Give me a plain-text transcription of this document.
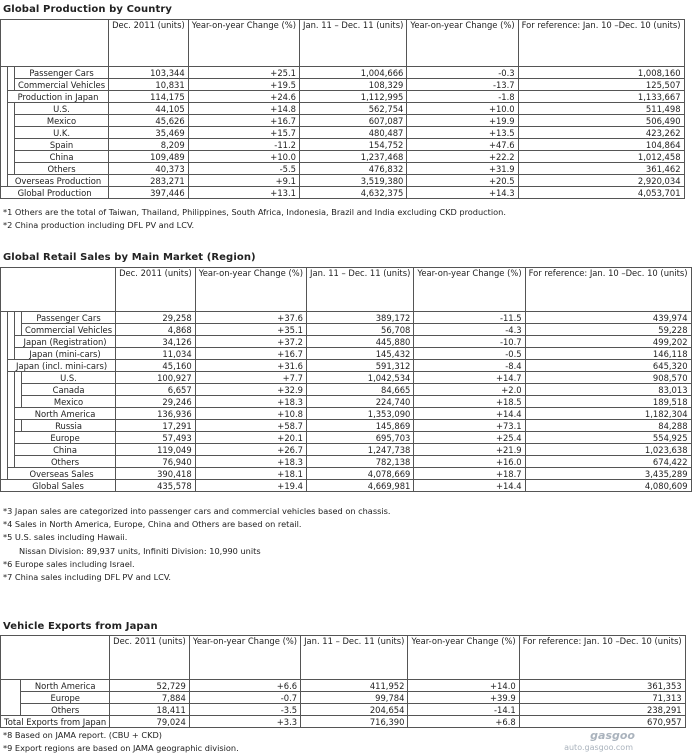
Global Production by Country
			Dec. 2011 (units)	Year-on-year Change (%)	Jan. 11 – Dec. 11 (units)	Year-on-year Change (%)	For reference: Jan. 10 –Dec. 10 (units)
		Passenger Cars	103,344	+25.1	1,004,666	-0.3	1,008,160
		Commercial Vehicles	10,831	+19.5	108,329	-13.7	125,507
	Production in Japan		114,175	+24.6	1,112,995	-1.8	1,133,667
		U.S.	44,105	+14.8	562,754	+10.0	511,498
		Mexico	45,626	+16.7	607,087	+19.9	506,490
		U.K.	35,469	+15.7	480,487	+13.5	423,262
		Spain	8,209	-11.2	154,752	+47.6	104,864
		China	109,489	+10.0	1,237,468	+22.2	1,012,458
		Others	40,373	-5.5	476,832	+31.9	361,462
	Overseas Production		283,271	+9.1	3,519,380	+20.5	2,920,034
Global Production			397,446	+13.1	4,632,375	+14.3	4,053,701
*1 Others are the total of Taiwan, Thailand, Philippines, South Africa, Indonesia, Brazil and India excluding CKD production.
*2 China production including DFL PV and LCV.
Global Retail Sales by Main Market (Region)
				Dec. 2011 (units)	Year-on-year Change (%)	Jan. 11 – Dec. 11 (units)	Year-on-year Change (%)	For reference: Jan. 10 –Dec. 10 (units)
			Passenger Cars	29,258	+37.6	389,172	-11.5	439,974
			Commercial Vehicles	4,868	+35.1	56,708	-4.3	59,228
		Japan (Registration)		34,126	+37.2	445,880	-10.7	499,202
		Japan (mini-cars)		11,034	+16.7	145,432	-0.5	146,118
	Japan (incl. mini-cars)			45,160	+31.6	591,312	-8.4	645,320
			U.S.	100,927	+7.7	1,042,534	+14.7	908,570
			Canada	6,657	+32.9	84,665	+2.0	83,013
			Mexico	29,246	+18.3	224,740	+18.5	189,518
		North America		136,936	+10.8	1,353,090	+14.4	1,182,304
			Russia	17,291	+58.7	145,869	+73.1	84,288
		Europe		57,493	+20.1	695,703	+25.4	554,925
		China		119,049	+26.7	1,247,738	+21.9	1,023,638
		Others		76,940	+18.3	782,138	+16.0	674,422
	Overseas Sales			390,418	+18.1	4,078,669	+18.7	3,435,289
Global Sales				435,578	+19.4	4,669,981	+14.4	4,080,609
*3 Japan sales are categorized into passenger cars and commercial vehicles based on chassis.
*4 Sales in North America, Europe, China and Others are based on retail.
*5 U.S. sales including Hawaii.
Nissan Division: 89,937 units, Infiniti Division: 10,990 units
*6 Europe sales including Israel.
*7 China sales including DFL PV and LCV.
Vehicle Exports from Japan
		Dec. 2011 (units)	Year-on-year Change (%)	Jan. 11 – Dec. 11 (units)	Year-on-year Change (%)	For reference: Jan. 10 –Dec. 10 (units)
	North America	52,729	+6.6	411,952	+14.0	361,353
	Europe	7,884	-0.7	99,784	+39.9	71,313
	Others	18,411	-3.5	204,654	-14.1	238,291
Total Exports from Japan		79,024	+3.3	716,390	+6.8	670,957
*8 Based on JAMA report. (CBU + CKD)
*9 Export regions are based on JAMA geographic division.
gasgoo
auto.gasgoo.com
